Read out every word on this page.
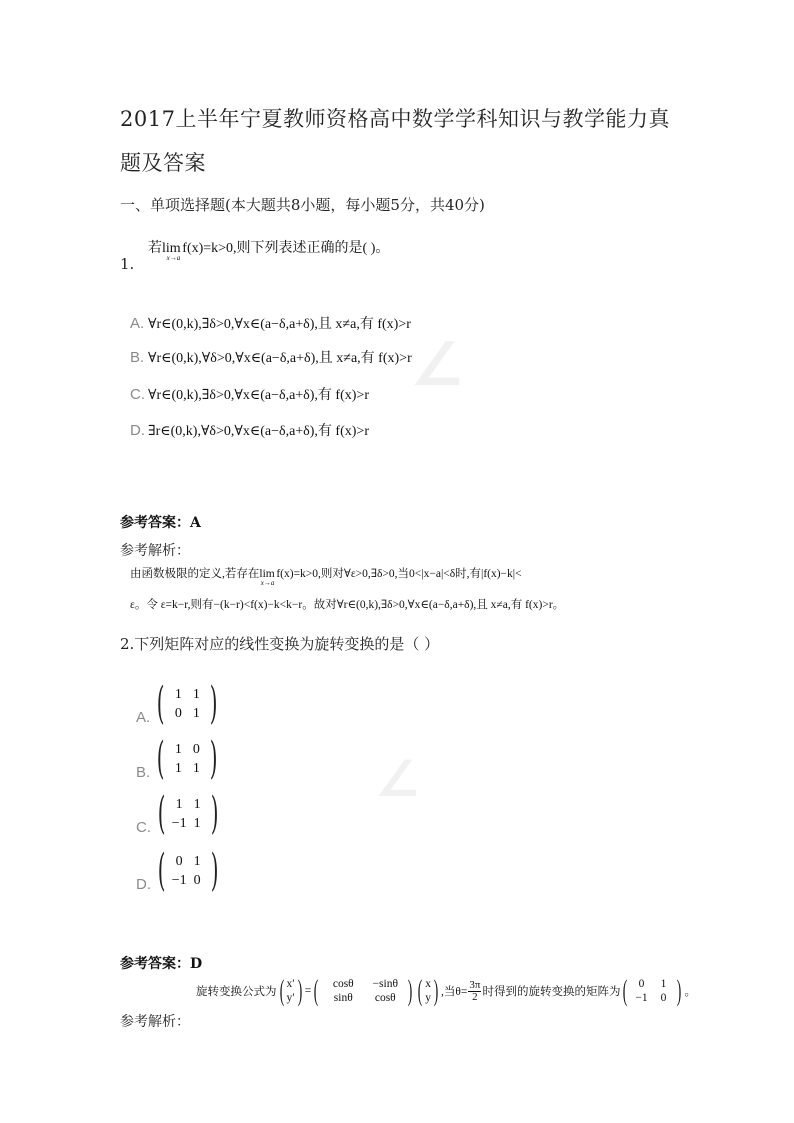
∠
∠
2017上半年宁夏教师资格高中数学学科知识与教学能力真
题及答案
一、单项选择题(本大题共8小题，每小题5分，共40分)
若$\lim_{x\to a}f(x)=k>0$,则下列表述正确的是( )。
1.
A. ∀r∈(0,k),∃δ>0,∀x∈(a−δ,a+δ),且 x≠a,有 f(x)>r
B. ∀r∈(0,k),∀δ>0,∀x∈(a−δ,a+δ),且 x≠a,有 f(x)>r
C. ∀r∈(0,k),∃δ>0,∀x∈(a−δ,a+δ),有 f(x)>r
D. ∃r∈(0,k),∀δ>0,∀x∈(a−δ,a+δ),有 f(x)>r
参考答案：A
参考解析：
由函数极限的定义,若存在$\lim_{x\to a}f(x)=k>0$,则对∀ε>0,∃δ>0,当0<|x−a|<δ时,有|f(x)−k|<
ε。令 ε=k−r,则有−(k−r)<f(x)−k<k−r。故对∀r∈(0,k),∃δ>0,∀x∈(a−δ,a+δ),且 x≠a,有 f(x)>r。
2.下列矩阵对应的线性变换为旋转变换的是（ ）
A. ( 1 1
0 1 )
B. ( 1 0
1 1 )
C. ( 1 1
−1 1 )
D. ( 0 1
−1 0 )
参考答案：D
旋转变换公式为 ( x′
y′ ) = (	cosθ	−sinθ
sinθ	cosθ ) ( x
y ) ,当$\theta= \frac{3\pi}{2}$ 时得到的旋转变换的矩阵为 ( 0	1
−1	0 ) 。
参考解析：
